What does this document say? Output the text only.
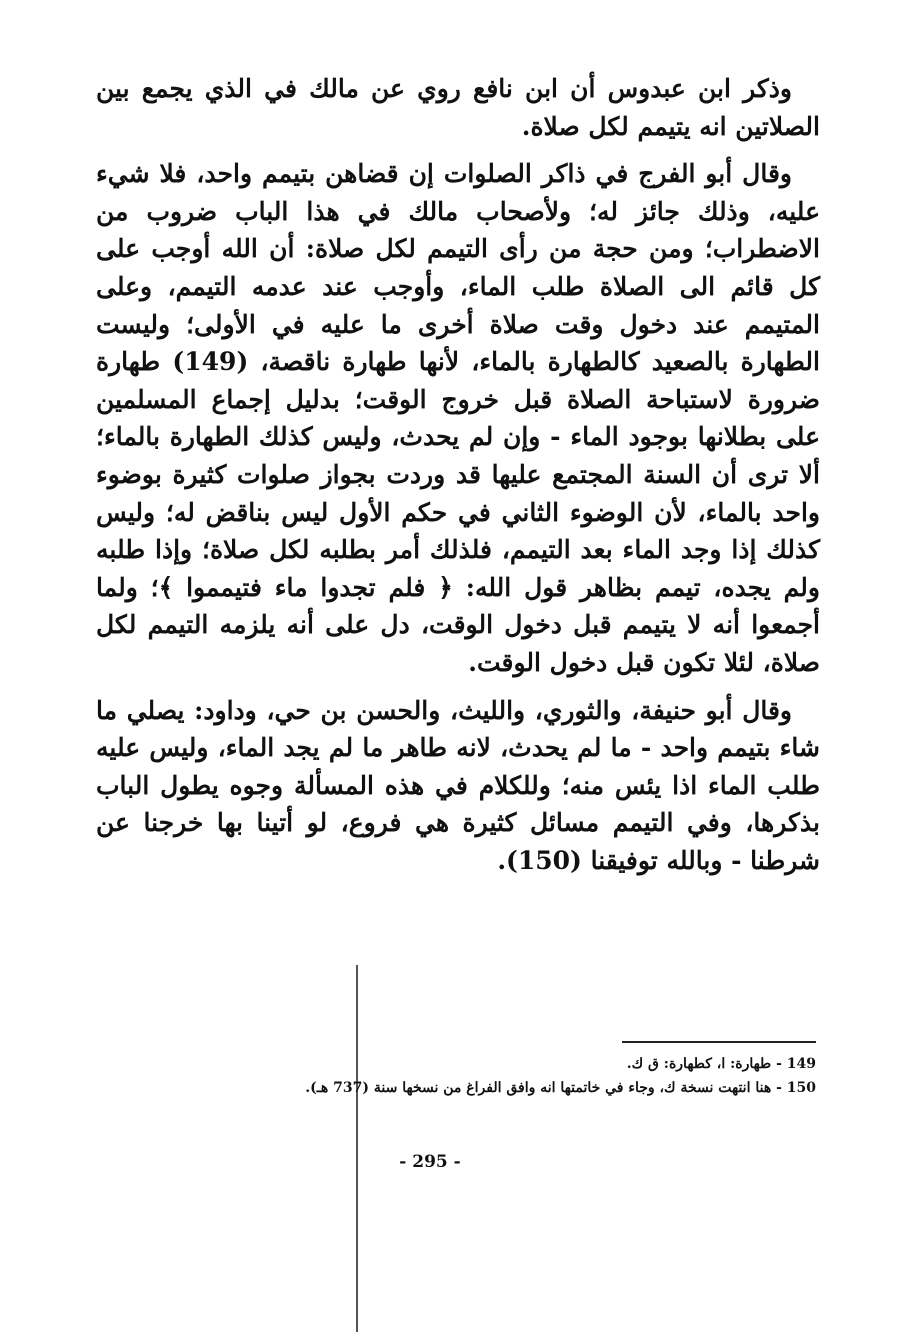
وذكر ابن عبدوس أن ابن نافع روي عن مالك في الذي يجمع بين الصلاتين انه يتيمم لكل صلاة.

وقال أبو الفرج في ذاكر الصلوات إن قضاهن بتيمم واحد، فلا شيء عليه، وذلك جائز له؛ ولأصحاب مالك في هذا الباب ضروب من الاضطراب؛ ومن حجة من رأى التيمم لكل صلاة: أن الله أوجب على كل قائم الى الصلاة طلب الماء، وأوجب عند عدمه التيمم، وعلى المتيمم عند دخول وقت صلاة أخرى ما عليه في الأولى؛ وليست الطهارة بالصعيد كالطهارة بالماء، لأنها طهارة ناقصة، (149) طهارة ضرورة لاستباحة الصلاة قبل خروج الوقت؛ بدليل إجماع المسلمين على بطلانها بوجود الماء - وإن لم يحدث، وليس كذلك الطهارة بالماء؛ ألا ترى أن السنة المجتمع عليها قد وردت بجواز صلوات كثيرة بوضوء واحد بالماء، لأن الوضوء الثاني في حكم الأول ليس بناقض له؛ وليس كذلك إذا وجد الماء بعد التيمم، فلذلك أمر بطلبه لكل صلاة؛ وإذا طلبه ولم يجده، تيمم بظاهر قول الله: ﴿ فلم تجدوا ماء فتيمموا ﴾؛ ولما أجمعوا أنه لا يتيمم قبل دخول الوقت، دل على أنه يلزمه التيمم لكل صلاة، لئلا تكون قبل دخول الوقت.

وقال أبو حنيفة، والثوري، والليث، والحسن بن حي، وداود: يصلي ما شاء بتيمم واحد - ما لم يحدث، لانه طاهر ما لم يجد الماء، وليس عليه طلب الماء اذا يئس منه؛ وللكلام في هذه المسألة وجوه يطول الباب بذكرها، وفي التيمم مسائل كثيرة هي فروع، لو أتينا بها خرجنا عن شرطنا - وبالله توفيقنا (150).

149 - طهارة: ا، كطهارة: ق ك.
150 - هنا انتهت نسخة ك، وجاء في خاتمتها انه وافق الفراغ من نسخها سنة (737 هـ).
- 295 -
